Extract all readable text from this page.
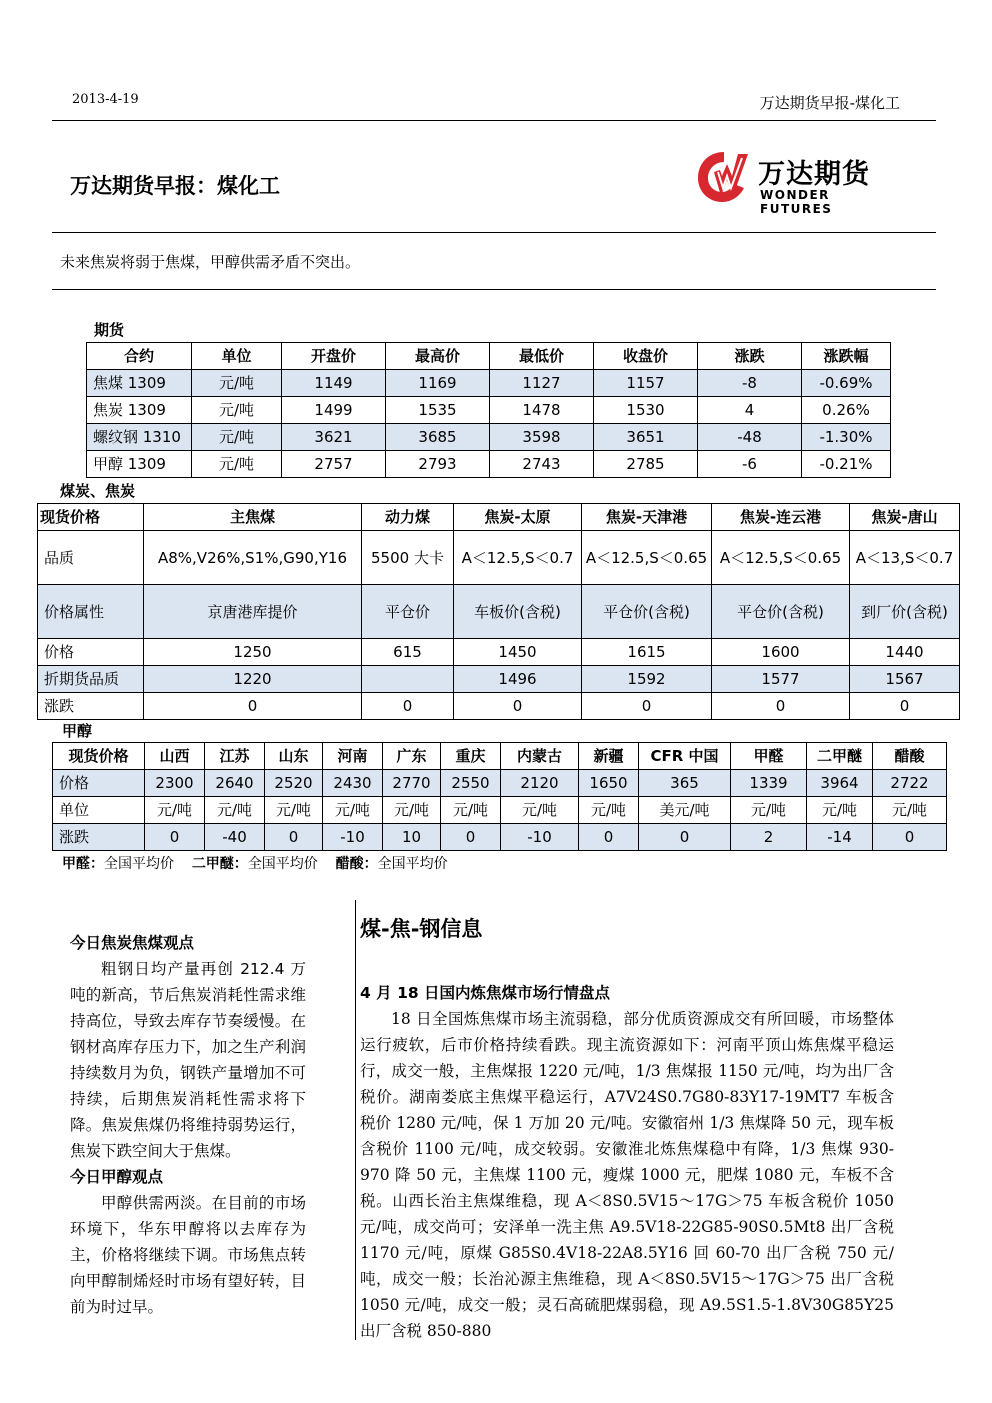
2013-4-19	万达期货早报-煤化工
万达期货早报：煤化工	万达期货
WONDER FUTURES
未来焦炭将弱于焦煤，甲醇供需矛盾不突出。
期货
合约	单位	开盘价	最高价	最低价	收盘价	涨跌	涨跌幅
焦煤 1309	元/吨	1149	1169	1127	1157	-8	-0.69%
焦炭 1309	元/吨	1499	1535	1478	1530	4	0.26%
螺纹钢 1310	元/吨	3621	3685	3598	3651	-48	-1.30%
甲醇 1309	元/吨	2757	2793	2743	2785	-6	-0.21%
煤炭、焦炭
现货价格	主焦煤	动力煤	焦炭-太原	焦炭-天津港	焦炭-连云港	焦炭-唐山
品质	A8%,V26%,S1%,G90,Y16	5500 大卡	A＜12.5,S＜0.7	A＜12.5,S＜0.65	A＜12.5,S＜0.65	A＜13,S＜0.7
价格属性	京唐港库提价	平仓价	车板价(含税)	平仓价(含税)	平仓价(含税)	到厂价(含税)
价格	1250	615	1450	1615	1600	1440
折期货品质	1220		1496	1592	1577	1567
涨跌	0	0	0	0	0	0
甲醇
现货价格	山西	江苏	山东	河南	广东	重庆	内蒙古	新疆	CFR 中国	甲醛	二甲醚	醋酸
价格	2300	2640	2520	2430	2770	2550	2120	1650	365	1339	3964	2722
单位	元/吨	元/吨	元/吨	元/吨	元/吨	元/吨	元/吨	元/吨	美元/吨	元/吨	元/吨	元/吨
涨跌	0	-40	0	-10	10	0	-10	0	0	2	-14	0
甲醛：全国平均价 二甲醚：全国平均价 醋酸：全国平均价
今日焦炭焦煤观点

粗钢日均产量再创 212.4 万吨的新高，节后焦炭消耗性需求维持高位，导致去库存节奏缓慢。在钢材高库存压力下，加之生产利润持续数月为负，钢铁产量增加不可持续，后期焦炭消耗性需求将下降。焦炭焦煤仍将维持弱势运行，焦炭下跌空间大于焦煤。

今日甲醇观点

甲醇供需两淡。在目前的市场环境下，华东甲醇将以去库存为主，价格将继续下调。市场焦点转向甲醇制烯烃时市场有望好转，目前为时过早。

煤-焦-钢信息
4 月 18 日国内炼焦煤市场行情盘点
18 日全国炼焦煤市场主流弱稳，部分优质资源成交有所回暖，市场整体运行疲软，后市价格持续看跌。现主流资源如下：河南平顶山炼焦煤平稳运行，成交一般，主焦煤报 1220 元/吨，1/3 焦煤报 1150 元/吨，均为出厂含税价。湖南娄底主焦煤平稳运行，A7V24S0.7G80-83Y17-19MT7 车板含税价 1280 元/吨，保 1 万加 20 元/吨。安徽宿州 1/3 焦煤降 50 元，现车板含税价 1100 元/吨，成交较弱。安徽淮北炼焦煤稳中有降，1/3 焦煤 930-970 降 50 元，主焦煤 1100 元，瘦煤 1000 元，肥煤 1080 元，车板不含税。山西长治主焦煤维稳，现 A＜8S0.5V15～17G＞75 车板含税价 1050 元/吨，成交尚可；安泽单一洗主焦 A9.5V18-22G85-90S0.5Mt8 出厂含税 1170 元/吨，原煤 G85S0.4V18-22A8.5Y16 回 60-70 出厂含税 750 元/吨，成交一般；长治沁源主焦维稳，现 A＜8S0.5V15～17G＞75 出厂含税 1050 元/吨，成交一般；灵石高硫肥煤弱稳，现 A9.5S1.5-1.8V30G85Y25 出厂含税 850-880
